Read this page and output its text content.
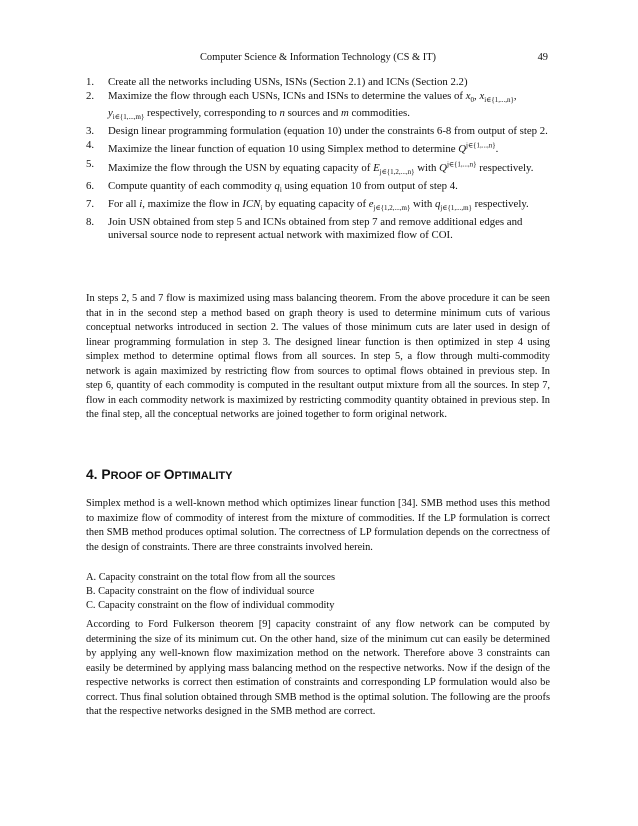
Computer Science & Information Technology (CS & IT)	49
1. Create all the networks including USNs, ISNs (Section 2.1) and ICNs (Section 2.2)
2. Maximize the flow through each USNs, ICNs and ISNs to determine the values of $x_0$, $x_{i\in\{1,...,n\}}$, $y_{i\in\{1,...,m\}}$ respectively, corresponding to n sources and m commodities.
3. Design linear programming formulation (equation 10) under the constraints 6-8 from output of step 2.
4. Maximize the linear function of equation 10 using Simplex method to determine $Q^{j\in\{1,...,n\}}$.
5. Maximize the flow through the USN by equating capacity of $E_{j\in\{1,2,...,n\}}$ with $Q^{j\in\{1,...,n\}}$ respectively.
6. Compute quantity of each commodity $q_i$ using equation 10 from output of step 4.
7. For all i, maximize the flow in $ICN_i$ by equating capacity of $e_{j\in\{1,2,...,m\}}$ with $q_{j\in\{1,...,m\}}$ respectively.
8. Join USN obtained from step 5 and ICNs obtained from step 7 and remove additional edges and universal source node to represent actual network with maximized flow of COI.

In steps 2, 5 and 7 flow is maximized using mass balancing theorem. From the above procedure it can be seen that in in the second step a method based on graph theory is used to determine minimum cuts of various conceptual networks introduced in section 2. The values of those minimum cuts are later used in design of linear programming formulation in step 3. The designed linear function is then optimized in step 4 using simplex method to determine optimal flows from all sources. In step 5, a flow through multi-commodity network is again maximized by restricting flow from sources to optimal flows obtained in previous step. In step 6, quantity of each commodity is computed in the resultant output mixture from all the sources. In step 7, flow in each commodity network is maximized by restricting commodity quantity obtained in previous step. In the final step, all the conceptual networks are joined together to form original network.

4. PROOF OF OPTIMALITY

Simplex method is a well-known method which optimizes linear function [34]. SMB method uses this method to maximize flow of commodity of interest from the mixture of commodities. If the LP formulation is correct then SMB method produces optimal solution. The correctness of LP formulation depends on the correctness of the design of constraints. There are three constraints involved herein.

A. Capacity constraint on the total flow from all the sources

B. Capacity constraint on the flow of individual source

C. Capacity constraint on the flow of individual commodity

According to Ford Fulkerson theorem [9] capacity constraint of any flow network can be computed by determining the size of its minimum cut. On the other hand, size of the minimum cut can easily be determined by applying any well-known flow maximization method on the network. Therefore above 3 constraints can easily be determined by applying mass balancing method on the respective networks. Now if the design of the respective networks is correct then estimation of constraints and corresponding LP formulation would also be correct. Thus final solution obtained through SMB method is the optimal solution. The following are the proofs that the respective networks designed in the SMB method are correct.
